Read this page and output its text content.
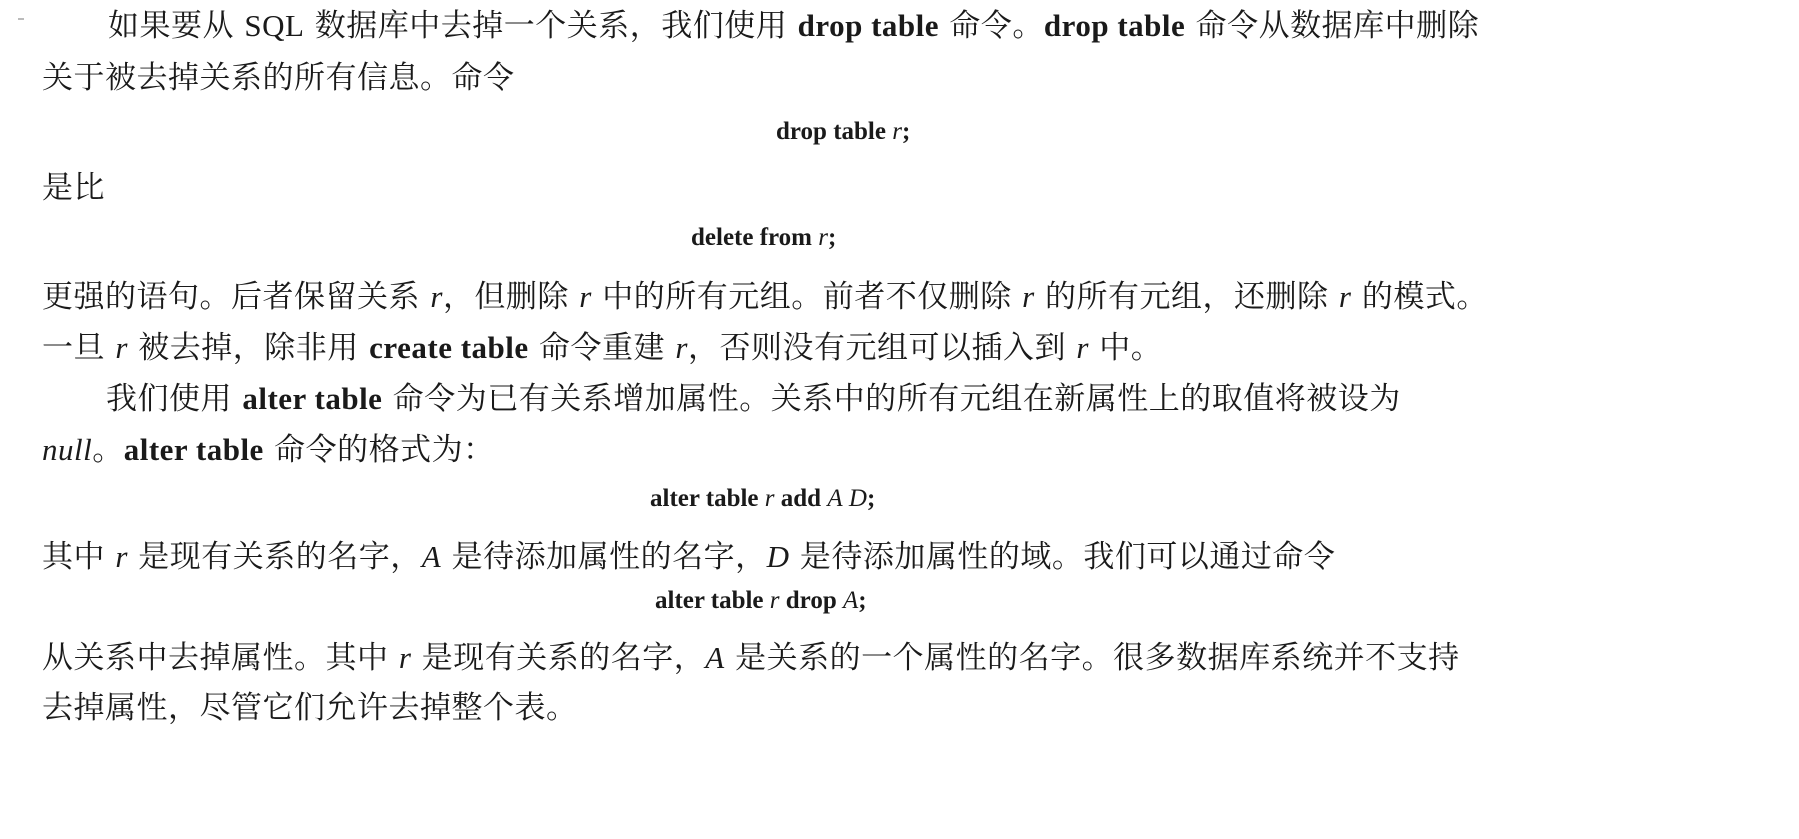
如果要从 SQL 数据库中去掉一个关系，我们使用 drop table 命令。drop table 命令从数据库中删除
关于被去掉关系的所有信息。命令
drop table r;
是比
delete from r;
更强的语句。后者保留关系 r，但删除 r 中的所有元组。前者不仅删除 r 的所有元组，还删除 r 的模式。
一旦 r 被去掉，除非用 create table 命令重建 r，否则没有元组可以插入到 r 中。
我们使用 alter table 命令为已有关系增加属性。关系中的所有元组在新属性上的取值将被设为
null。alter table 命令的格式为：
alter table r add A D;
其中 r 是现有关系的名字，A 是待添加属性的名字，D 是待添加属性的域。我们可以通过命令
alter table r drop A;
从关系中去掉属性。其中 r 是现有关系的名字，A 是关系的一个属性的名字。很多数据库系统并不支持
去掉属性，尽管它们允许去掉整个表。
